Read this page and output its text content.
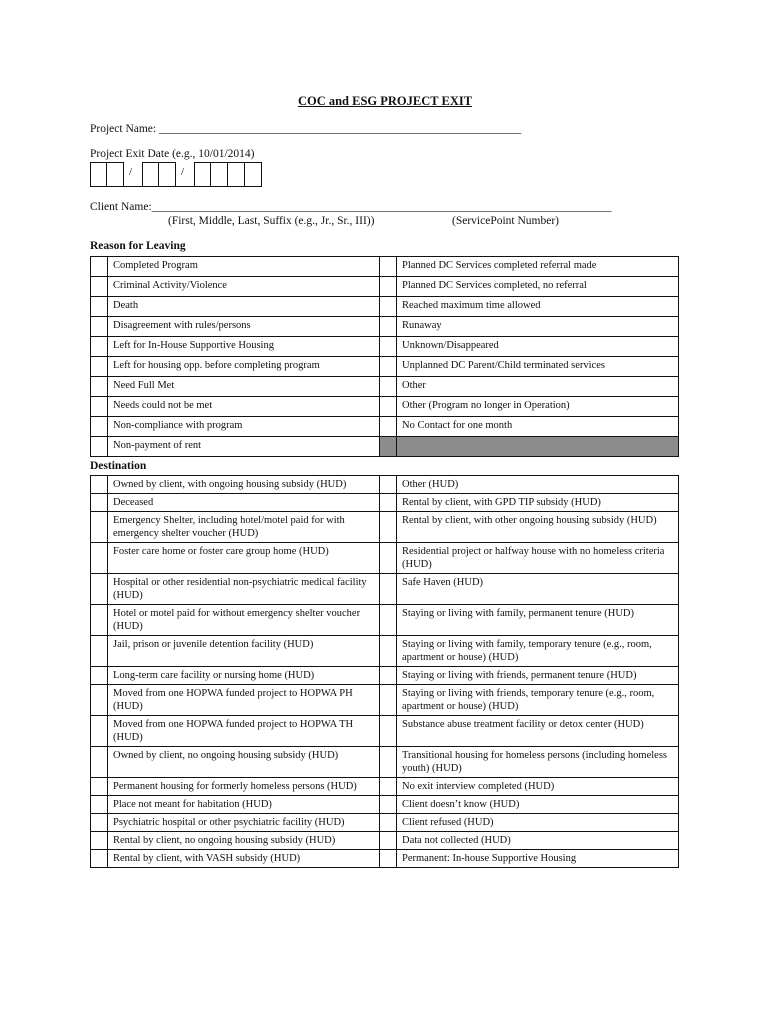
COC and ESG PROJECT EXIT
Project Name: _______________________________________________________________
Project Exit Date (e.g., 10/01/2014)
/	/
Client Name:________________________________________________________________________________
(First, Middle, Last, Suffix (e.g., Jr., Sr., III))	(ServicePoint Number)
Reason for Leaving
	Completed Program		Planned DC Services completed referral made
	Criminal Activity/Violence		Planned DC Services completed, no referral
	Death		Reached maximum time allowed
	Disagreement with rules/persons		Runaway
	Left for In-House Supportive Housing		Unknown/Disappeared
	Left for housing opp. before completing program		Unplanned DC Parent/Child terminated services
	Need Full Met		Other
	Needs could not be met		Other (Program no longer in Operation)
	Non-compliance with program		No Contact for one month
	Non-payment of rent		
Destination
	Owned by client, with ongoing housing subsidy (HUD)		Other (HUD)
	Deceased		Rental by client, with GPD TIP subsidy (HUD)
	Emergency Shelter, including hotel/motel paid for with emergency shelter voucher (HUD)		Rental by client, with other ongoing housing subsidy (HUD)
	Foster care home or foster care group home (HUD)		Residential project or halfway house with no homeless criteria (HUD)
	Hospital or other residential non-psychiatric medical facility (HUD)		Safe Haven (HUD)
	Hotel or motel paid for without emergency shelter voucher (HUD)		Staying or living with family, permanent tenure (HUD)
	Jail, prison or juvenile detention facility (HUD)		Staying or living with family, temporary tenure (e.g., room, apartment or house) (HUD)
	Long-term care facility or nursing home (HUD)		Staying or living with friends, permanent tenure (HUD)
	Moved from one HOPWA funded project to HOPWA PH (HUD)		Staying or living with friends, temporary tenure (e.g., room, apartment or house) (HUD)
	Moved from one HOPWA funded project to HOPWA TH (HUD)		Substance abuse treatment facility or detox center (HUD)
	Owned by client, no ongoing housing subsidy (HUD)		Transitional housing for homeless persons (including homeless youth) (HUD)
	Permanent housing for formerly homeless persons (HUD)		No exit interview completed (HUD)
	Place not meant for habitation (HUD)		Client doesn’t know (HUD)
	Psychiatric hospital or other psychiatric facility (HUD)		Client refused (HUD)
	Rental by client, no ongoing housing subsidy (HUD)		Data not collected (HUD)
	Rental by client, with VASH subsidy (HUD)		Permanent: In-house Supportive Housing
